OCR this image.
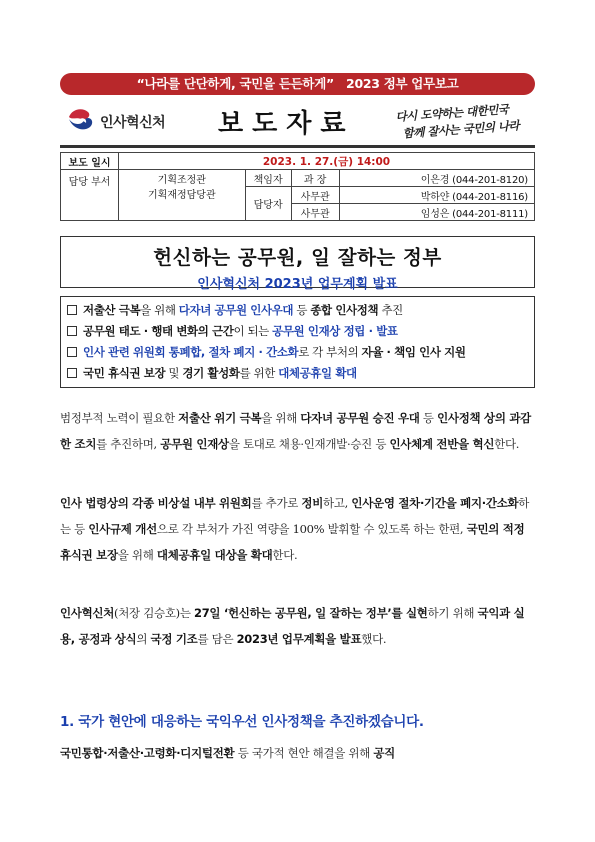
“나라를 단단하게, 국민을 든든하게” 2023 정부 업무보고
인사혁신처 보도자료	다시 도약하는 대한민국
함께 잘사는 국민의 나라
보도 일시	2023. 1. 27.(금) 14:00			
담당 부서	기획조정관
기획재정담당관	책임자	과 장	이은경 (044-201-8120)
		담당자	사무관	박하얀 (044-201-8116)
			사무관	임성은 (044-201-8111)
헌신하는 공무원, 일 잘하는 정부
인사혁신처 2023년 업무계획 발표
저출산 극복을 위해 다자녀 공무원 인사우대 등 종합 인사정책 추진
공무원 태도 · 행태 변화의 근간이 되는 공무원 인재상 정립 · 발표
인사 관련 위원회 통폐합, 절차 폐지 · 간소화로 각 부처의 자율 · 책임 인사 지원
국민 휴식권 보장 및 경기 활성화를 위한 대체공휴일 확대
범정부적 노력이 필요한 저출산 위기 극복을 위해 다자녀 공무원 승진 우대 등 인사정책 상의 과감한 조치를 추진하며, 공무원 인재상을 토대로 채용·인재개발·승진 등 인사체계 전반을 혁신한다.
인사 법령상의 각종 비상설 내부 위원회를 추가로 정비하고, 인사운영 절차·기간을 폐지·간소화하는 등 인사규제 개선으로 각 부처가 가진 역량을 100% 발휘할 수 있도록 하는 한편, 국민의 적정 휴식권 보장을 위해 대체공휴일 대상을 확대한다.
인사혁신처(처장 김승호)는 27일 ‘헌신하는 공무원, 일 잘하는 정부’를 실현하기 위해 국익과 실용, 공정과 상식의 국정 기조를 담은 2023년 업무계획을 발표했다.
1. 국가 현안에 대응하는 국익우선 인사정책을 추진하겠습니다.
국민통합·저출산·고령화·디지털전환 등 국가적 현안 해결을 위해 공직
